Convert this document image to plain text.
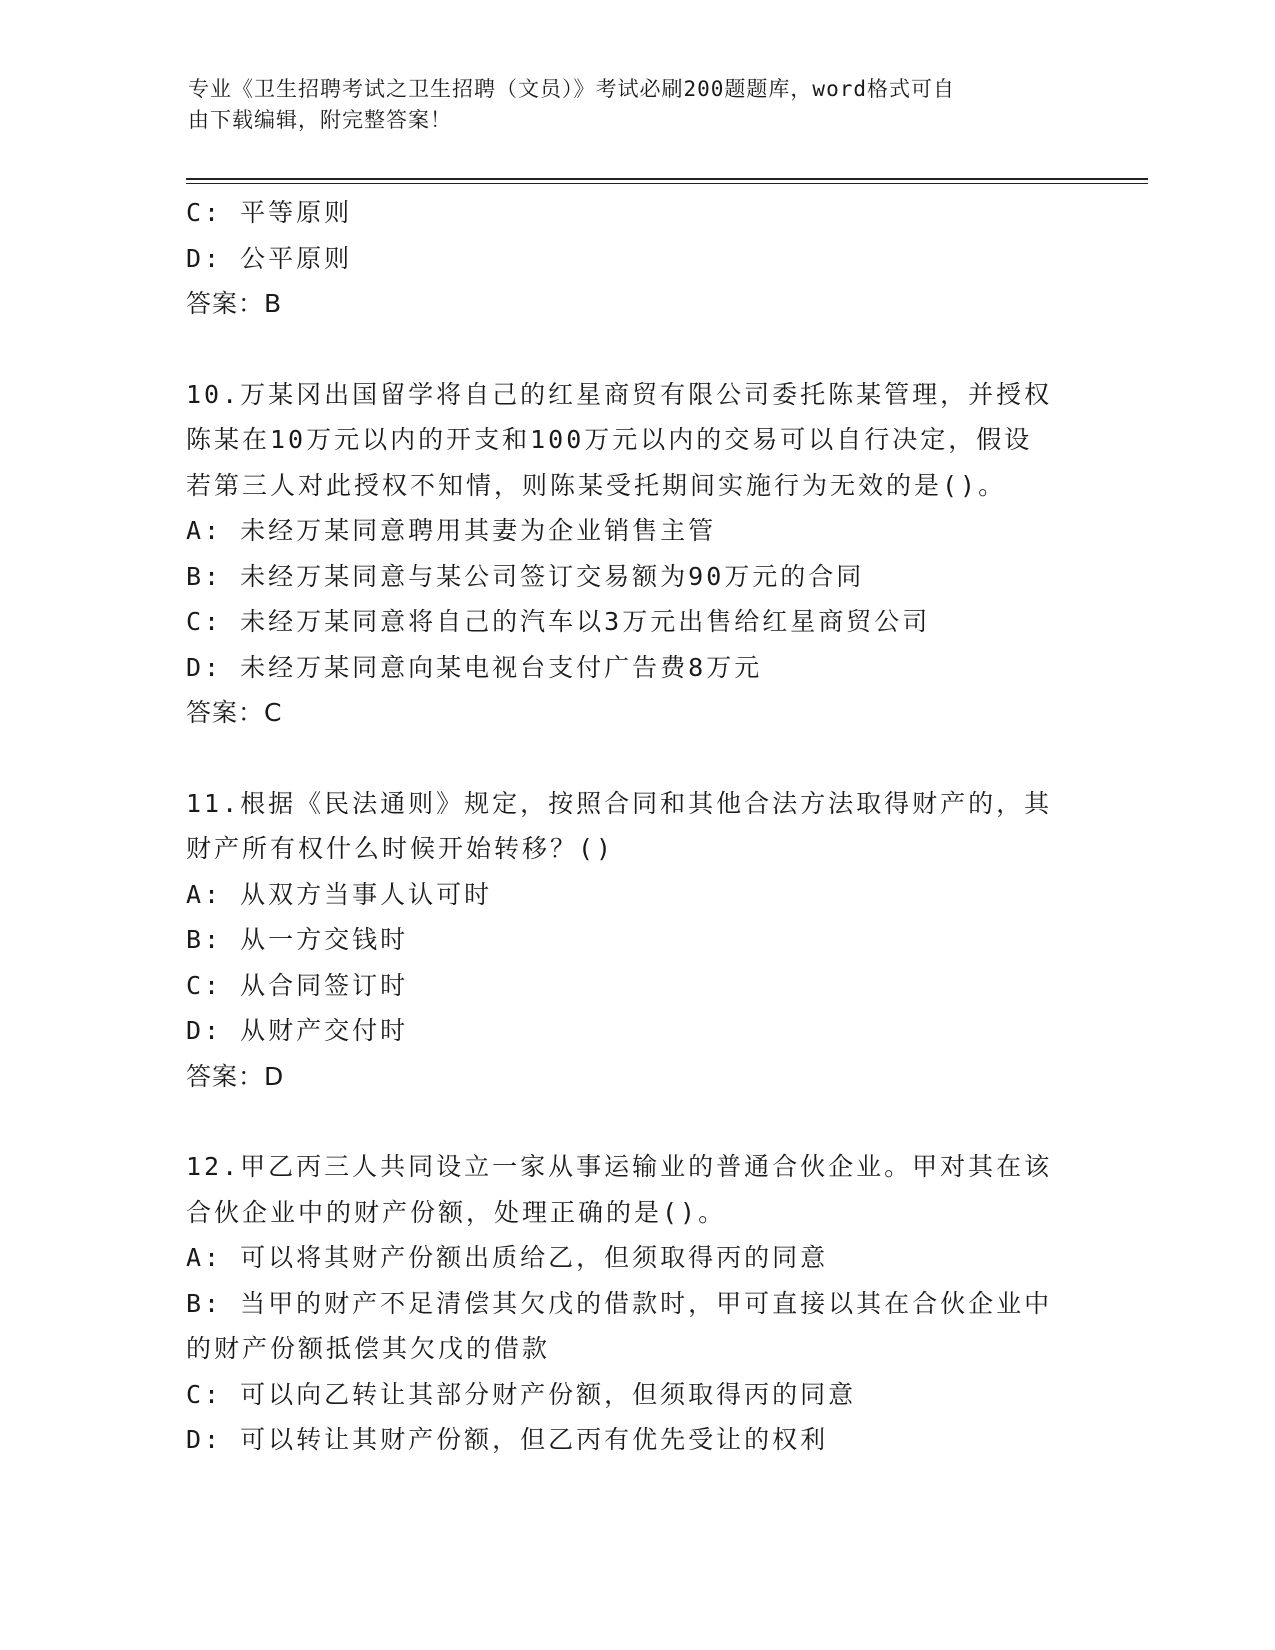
专业《卫生招聘考试之卫生招聘（文员）》考试必刷200题题库，word格式可自
由下载编辑，附完整答案！
C: 平等原则
D: 公平原则
答案：B
10.万某冈出国留学将自己的红星商贸有限公司委托陈某管理，并授权
陈某在10万元以内的开支和100万元以内的交易可以自行决定，假设
若第三人对此授权不知情，则陈某受托期间实施行为无效的是()。
A: 未经万某同意聘用其妻为企业销售主管
B: 未经万某同意与某公司签订交易额为90万元的合同
C: 未经万某同意将自己的汽车以3万元出售给红星商贸公司
D: 未经万某同意向某电视台支付广告费8万元
答案：C
11.根据《民法通则》规定，按照合同和其他合法方法取得财产的，其
财产所有权什么时候开始转移？()
A: 从双方当事人认可时
B: 从一方交钱时
C: 从合同签订时
D: 从财产交付时
答案：D
12.甲乙丙三人共同设立一家从事运输业的普通合伙企业。甲对其在该
合伙企业中的财产份额，处理正确的是()。
A: 可以将其财产份额出质给乙，但须取得丙的同意
B: 当甲的财产不足清偿其欠戊的借款时，甲可直接以其在合伙企业中
的财产份额抵偿其欠戊的借款
C: 可以向乙转让其部分财产份额，但须取得丙的同意
D: 可以转让其财产份额，但乙丙有优先受让的权利
